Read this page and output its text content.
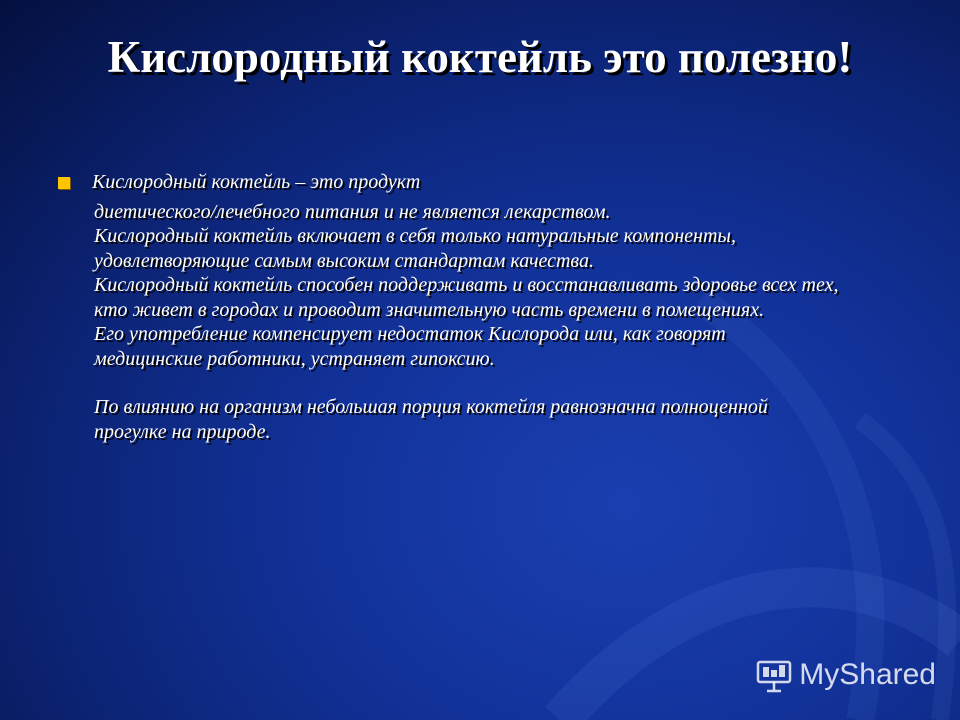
Кислородный коктейль это полезно!
Кислородный коктейль – это продукт

диетического/лечебного питания и не является лекарством.

Кислородный коктейль включает в себя только натуральные компоненты,

удовлетворяющие самым высоким стандартам качества.

Кислородный коктейль способен поддерживать и восстанавливать здоровье всех тех,

кто живет в городах и проводит значительную часть времени в помещениях.

Его употребление компенсирует недостаток Кислорода или, как говорят

медицинские работники, устраняет гипоксию.

По влиянию на организм небольшая порция коктейля равнозначна полноценной

прогулке на природе.

MyShared
